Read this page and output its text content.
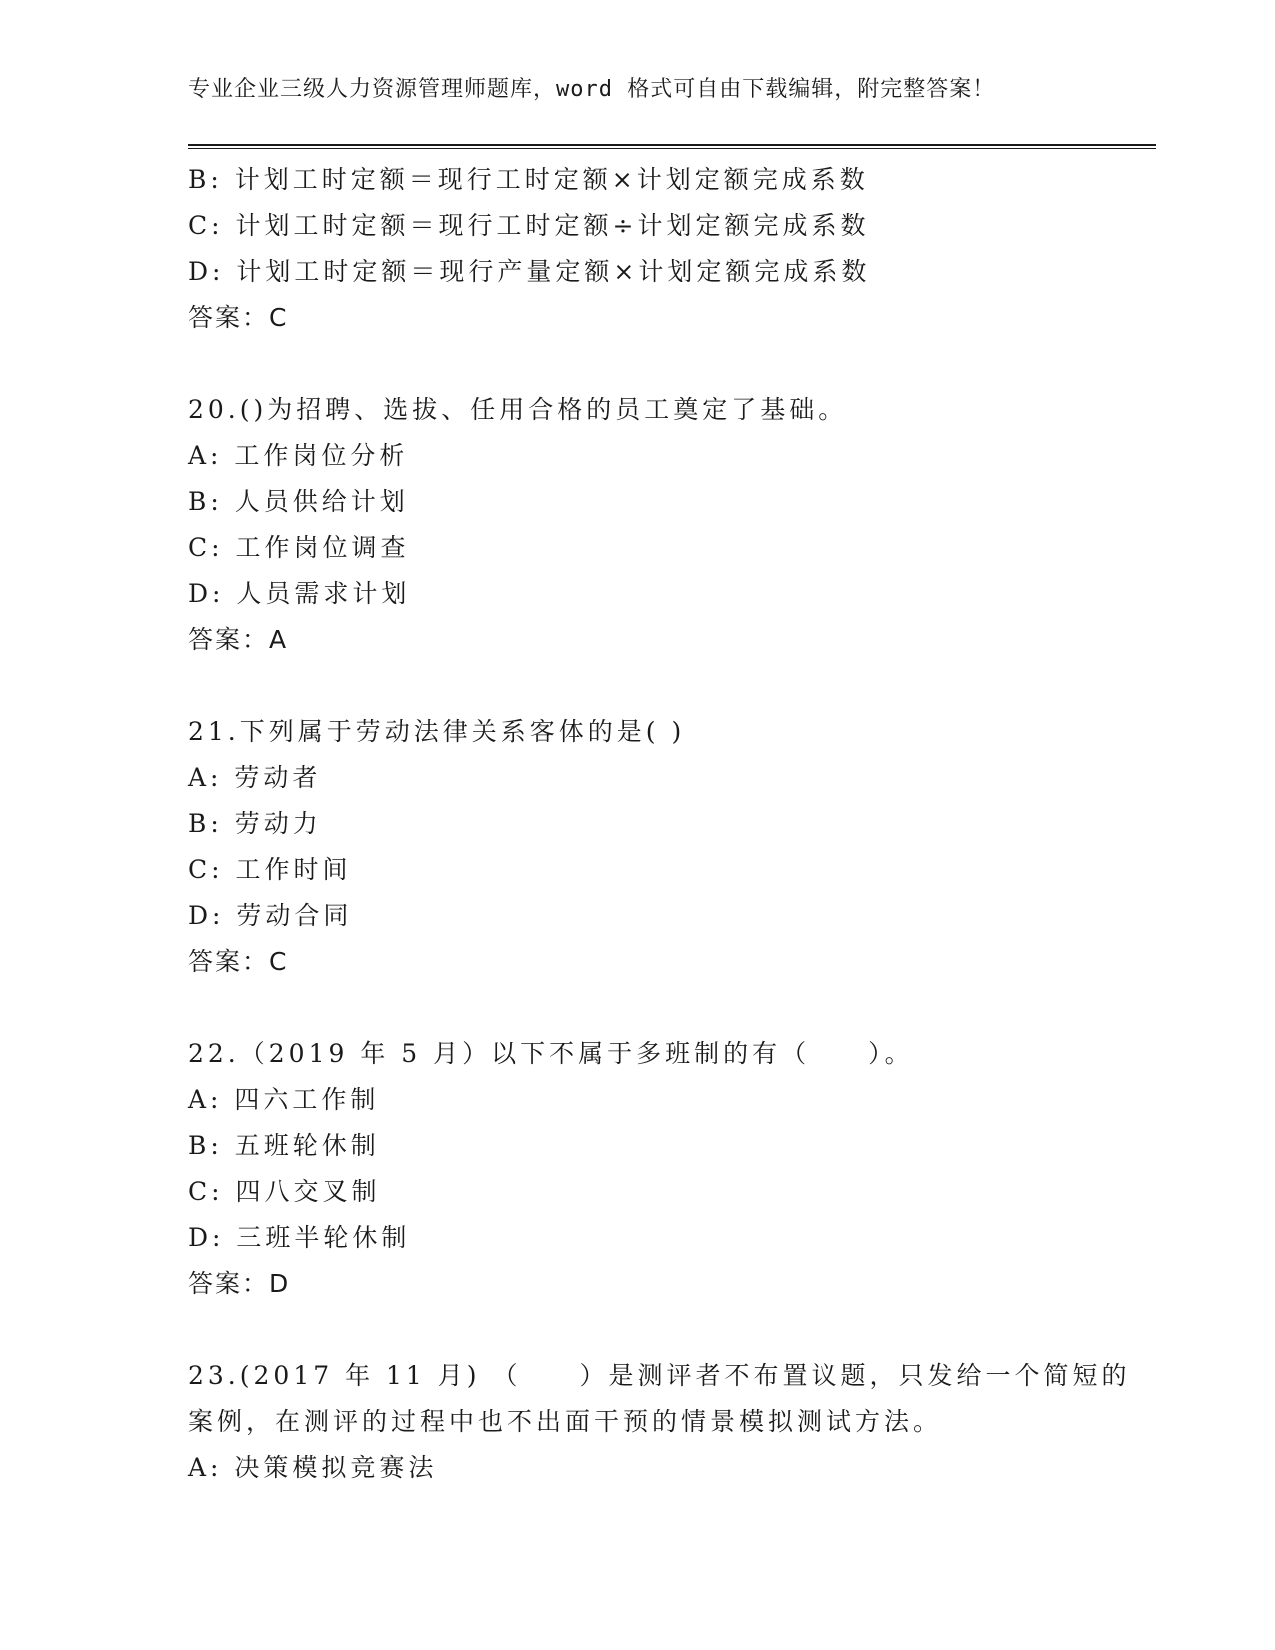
专业企业三级人力资源管理师题库，word 格式可自由下载编辑，附完整答案！
B: 计划工时定额＝现行工时定额×计划定额完成系数
C: 计划工时定额＝现行工时定额÷计划定额完成系数
D: 计划工时定额＝现行产量定额×计划定额完成系数
答案：C
20.()为招聘、选拔、任用合格的员工奠定了基础。
A: 工作岗位分析
B: 人员供给计划
C: 工作岗位调查
D: 人员需求计划
答案：A
21.下列属于劳动法律关系客体的是( )
A: 劳动者
B: 劳动力
C: 工作时间
D: 劳动合同
答案：C
22.（2019 年 5 月）以下不属于多班制的有（　　）。
A: 四六工作制
B: 五班轮休制
C: 四八交叉制
D: 三班半轮休制
答案：D
23.(2017 年 11 月) （　　）是测评者不布置议题，只发给一个简短的
案例，在测评的过程中也不出面干预的情景模拟测试方法。
A: 决策模拟竞赛法
